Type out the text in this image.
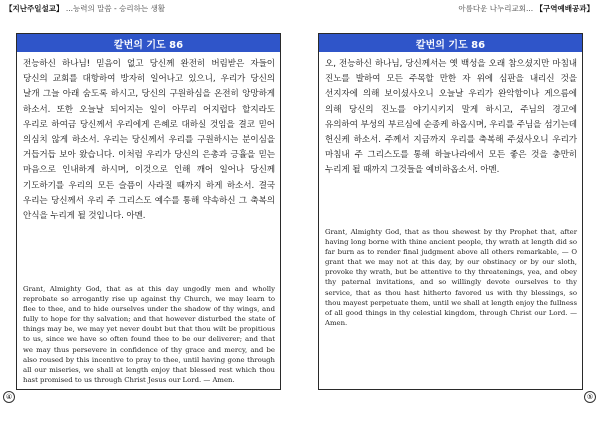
【지난주일설교】 ...능력의 말씀 - 승리하는 생활	아름다운 나누리교회... 【구역예배공과】
칼번의 기도 86
전능하신 하나님! 믿음이 없고 당신께 완전히 버림받은 자들이 당신의 교회를 대항하여 방자히 일어나고 있으니, 우리가 당신의 날개 그늘 아래 숨도록 하시고, 당신의 구원하심을 온전히 앙망하게 하소서. 또한 오늘날 되어지는 일이 아무리 어지럽다 할지라도 우리로 하여금 당신께서 우리에게 은혜로 대하실 것임을 결코 믿어 의심치 않게 하소서. 우리는 당신께서 우리를 구원하시는 분이심을 거듭거듭 보아 왔습니다. 이처럼 우리가 당신의 은총과 긍휼을 믿는 마음으로 인내하게 하시며, 이것으로 인해 깨어 일어나 당신께 기도하기를 우리의 모든 슬픔이 사라질 때까지 하게 하소서. 결국 우리는 당신께서 우리 주 그리스도 예수를 통해 약속하신 그 축복의 안식을 누리게 될 것입니다. 아멘.
Grant, Almighty God, that as at this day ungodly men and wholly reprobate so arrogantly rise up against thy Church, we may learn to flee to thee, and to hide ourselves under the shadow of thy wings, and fully to hope for thy salvation; and that however disturbed the state of things may be, we may yet never doubt but that thou wilt be propitious to us, since we have so often found thee to be our deliverer; and that we may thus persevere in confidence of thy grace and mercy, and be also roused by this incentive to pray to thee, until having gone through all our miseries, we shall at length enjoy that blessed rest which thou hast promised to us through Christ Jesus our Lord. — Amen.
④
칼번의 기도 86
오, 전능하신 하나님, 당신께서는 옛 백성을 오래 참으셨지만 마침내 진노를 발하여 모든 주목할 만한 자 위에 심판을 내리신 것을 선지자에 의해 보이셨사오니 오늘날 우리가 완악함이나 게으름에 의해 당신의 진노를 야기시키지 말게 하시고, 주님의 경고에 유의하여 부성의 부르심에 순종케 하옵시며, 우리를 주님을 섬기는데 헌신케 하소서. 주께서 지금까지 우리를 축복해 주셨사오니 우리가 마침내 주 그리스도를 통해 하늘나라에서 모든 좋은 것을 충만히 누리게 될 때까지 그것들을 예비하옵소서. 아멘.
Grant, Almighty God, that as thou shewest by thy Prophet that, after having long borne with thine ancient people, thy wrath at length did so far burn as to render final judgment above all others remarkable, — O grant that we may not at this day, by our obstinacy or by our sloth, provoke thy wrath, but be attentive to thy threatenings, yea, and obey thy paternal invitations, and so willingly devote ourselves to thy service, that as thou hast hitherto favored us with thy blessings, so thou mayest perpetuate them, until we shall at length enjoy the fullness of all good things in thy celestial kingdom, through Christ our Lord. — Amen.
⑤
